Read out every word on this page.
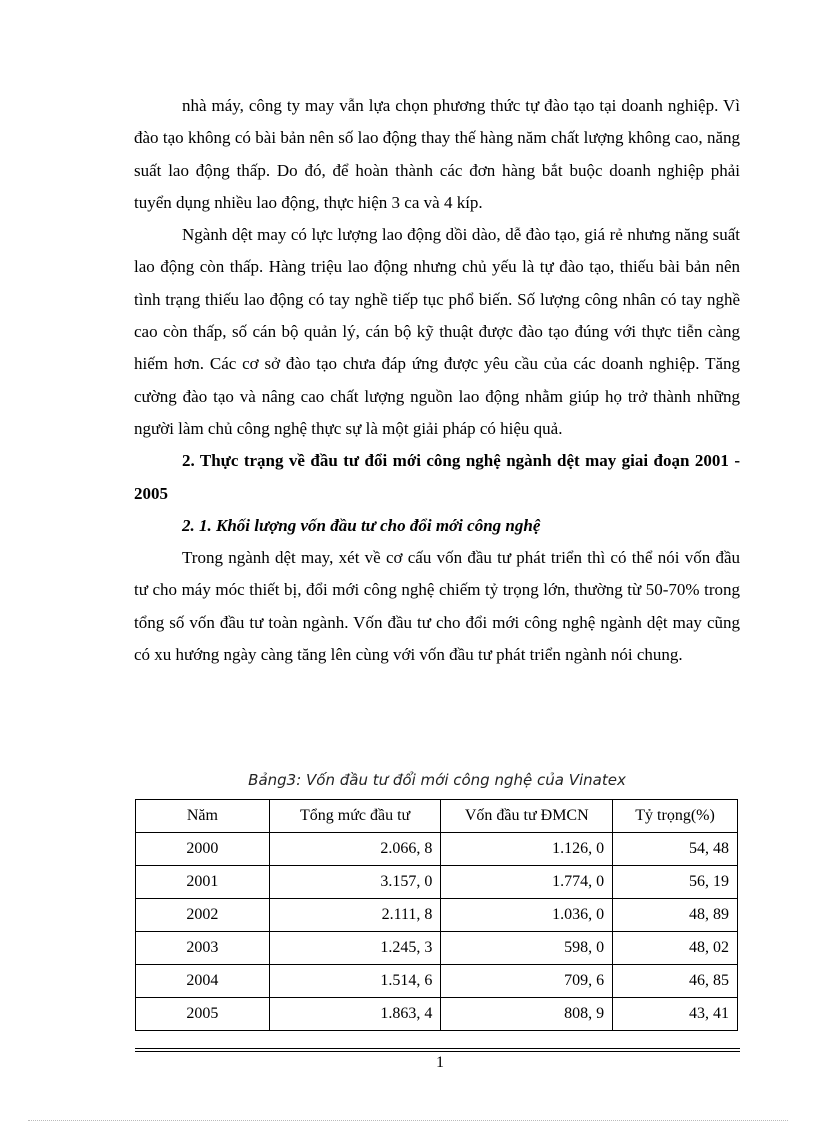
nhà máy, công ty may vẫn lựa chọn phương thức tự đào tạo tại doanh nghiệp. Vì đào tạo không có bài bản nên số lao động thay thế hàng năm chất lượng không cao, năng suất lao động thấp. Do đó, để hoàn thành các đơn hàng bắt buộc doanh nghiệp phải tuyển dụng nhiều lao động, thực hiện 3 ca và 4 kíp.

Ngành dệt may có lực lượng lao động dồi dào, dễ đào tạo, giá rẻ nhưng năng suất lao động còn thấp. Hàng triệu lao động nhưng chủ yếu là tự đào tạo, thiếu bài bản nên tình trạng thiếu lao động có tay nghề tiếp tục phổ biến. Số lượng công nhân có tay nghề cao còn thấp, số cán bộ quản lý, cán bộ kỹ thuật được đào tạo đúng với thực tiễn càng hiếm hơn. Các cơ sở đào tạo chưa đáp ứng được yêu cầu của các doanh nghiệp. Tăng cường đào tạo và nâng cao chất lượng nguồn lao động nhằm giúp họ trở thành những người làm chủ công nghệ thực sự là một giải pháp có hiệu quả.

2. Thực trạng về đầu tư đổi mới công nghệ ngành dệt may giai đoạn 2001 - 2005

2. 1. Khối lượng vốn đầu tư cho đổi mới công nghệ

Trong ngành dệt may, xét về cơ cấu vốn đầu tư phát triển thì có thể nói vốn đầu tư cho máy móc thiết bị, đổi mới công nghệ chiếm tỷ trọng lớn, thường từ 50-70% trong tổng số vốn đầu tư toàn ngành. Vốn đầu tư cho đổi mới công nghệ ngành dệt may cũng có xu hướng ngày càng tăng lên cùng với vốn đầu tư phát triển ngành nói chung.

Bảng3: Vốn đầu tư đổi mới công nghệ của Vinatex
Năm	Tổng mức đầu tư	Vốn đầu tư ĐMCN	Tỷ trọng(%)
2000	2.066, 8	1.126, 0	54, 48
2001	3.157, 0	1.774, 0	56, 19
2002	2.111, 8	1.036, 0	48, 89
2003	1.245, 3	598, 0	48, 02
2004	1.514, 6	709, 6	46, 85
2005	1.863, 4	808, 9	43, 41
1
